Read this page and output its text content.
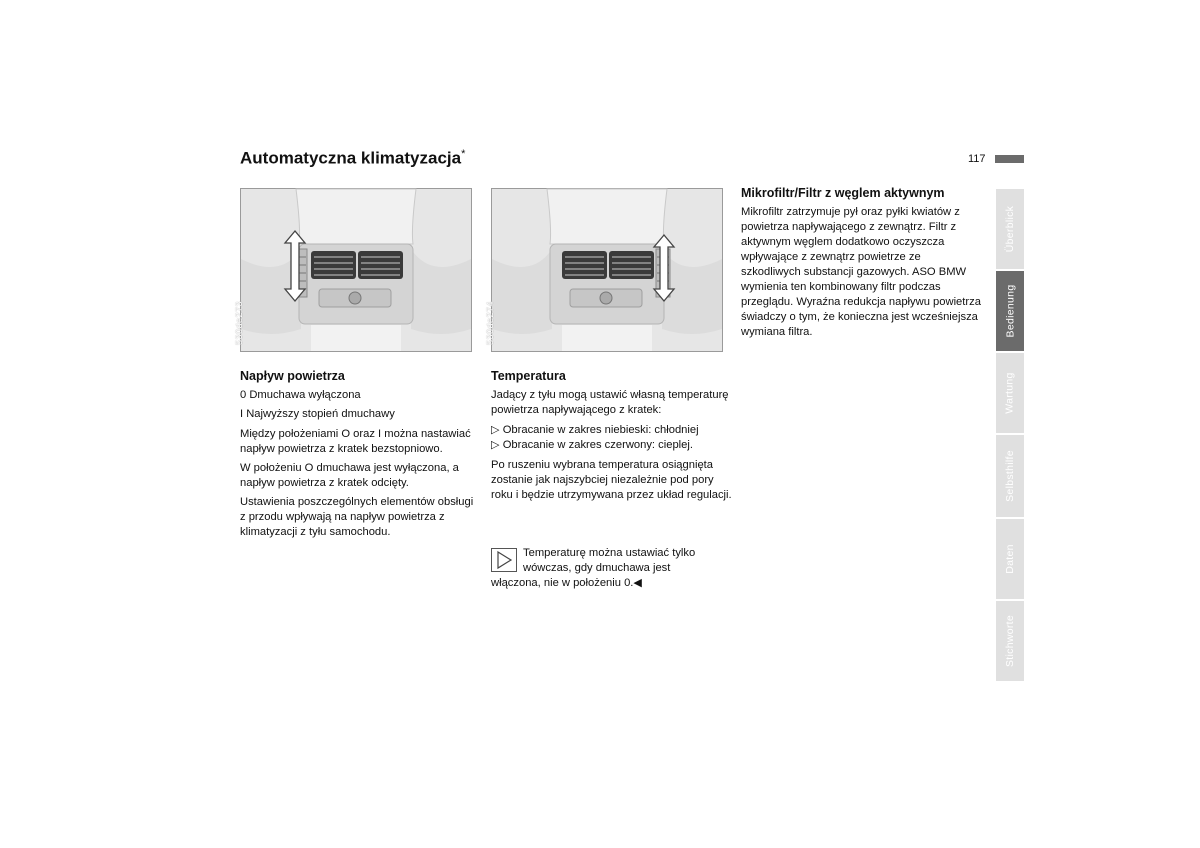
Automatyczna klimatyzacja*	117
530de273	530de274
Napływ powietrza

0 Dmuchawa wyłączona

I Najwyższy stopień dmuchawy

Między położeniami O oraz I można nastawiać napływ powietrza z kratek bezstopniowo.

W położeniu O dmuchawa jest wyłączona, a napływ powietrza z kratek odcięty.

Ustawienia poszczególnych elementów obsługi z przodu wpływają na napływ powietrza z klimatyzacji z tyłu samochodu.

Temperatura

Jadący z tyłu mogą ustawić własną temperaturę powietrza napływającego z kratek:

▷ Obracanie w zakres niebieski: chłodniej

▷ Obracanie w zakres czerwony: cieplej.

Po ruszeniu wybrana temperatura osiągnięta zostanie jak najszybciej niezależnie pod pory roku i będzie utrzymywana przez układ regulacji.

Temperaturę można ustawiać tylko

wówczas, gdy dmuchawa jest

włączona, nie w położeniu 0.◀

Mikrofiltr/Filtr z węglem aktywnym

Mikrofiltr zatrzymuje pył oraz pyłki kwiatów z powietrza napływającego z zewnątrz. Filtr z aktywnym węglem dodatkowo oczyszcza wpływające z zewnątrz powietrze ze szkodliwych substancji gazowych. ASO BMW wymienia ten kombinowany filtr podczas przeglądu. Wyraźna redukcja napływu powietrza świadczy o tym, że konieczna jest wcześniejsza wymiana filtra.

Überblick
Bedienung
Wartung
Selbsthilfe
Daten
Stichworte
